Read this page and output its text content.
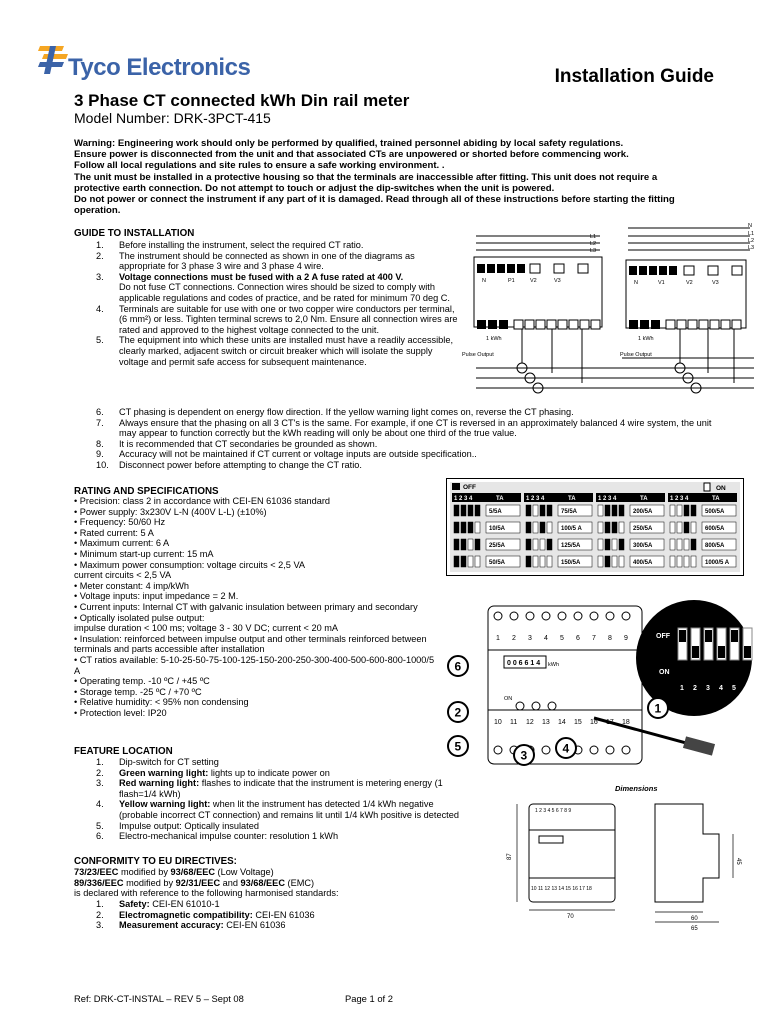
Tyco Electronics	Installation Guide
3 Phase CT connected kWh Din rail meter
Model Number: DRK-3PCT-415
Warning: Engineering work should only be performed by qualified, trained personnel abiding by local safety regulations.
Ensure power is disconnected from the unit and that associated CTs are unpowered or shorted before commencing work.
Follow all local regulations and site rules to ensure a safe working environment. .
The unit must be installed in a protective housing so that the terminals are inaccessible after fitting. This unit does not require a protective earth connection. Do not attempt to touch or adjust the dip-switches when the unit is powered.
Do not power or connect the instrument if any part of it is damaged. Read through all of these instructions before starting the fitting operation.
GUIDE TO INSTALLATION
1. Before installing the instrument, select the required CT ratio.
2. The instrument should be connected as shown in one of the diagrams as appropriate for 3 phase 3 wire and 3 phase 4 wire.
3. Voltage connections must be fused with a 2 A fuse rated at 400 V.
Do not fuse CT connections. Connection wires should be sized to comply with applicable regulations and codes of practice, and be rated for minimum 70 deg C.
4. Terminals are suitable for use with one or two copper wire conductors per terminal, (6 mm²) or less. Tighten terminal screws to 2,0 Nm. Ensure all connection wires are rated and approved to the highest voltage connected to the unit.
5. The equipment into which these units are installed must have a readily accessible, clearly marked, adjacent switch or circuit breaker which will isolate the supply voltage and permit safe access for subsequent maintenance.
6. CT phasing is dependent on energy flow direction. If the yellow warning light comes on, reverse the CT phasing.
7. Always ensure that the phasing on all 3 CT's is the same. For example, if one CT is reversed in an approximately balanced 4 wire system, the unit may appear to function correctly but the kWh reading will only be about one third of the true value.
8. It is recommended that CT secondaries be grounded as shown.
9. Accuracy will not be maintained if CT current or voltage inputs are outside specification..
10. Disconnect power before attempting to change the CT ratio.
L1
L2
L3
N
L1
L2
L3
N	P1	V2	V3	N	V1	V2	V3
Pulse Output	Pulse Output
1 kWh	1 kWh
RATING AND SPECIFICATIONS
• Precision: class 2 in accordance with CEI-EN 61036 standard
• Power supply: 3x230V L-N (400V L-L) (±10%)
• Frequency: 50/60 Hz
• Rated current: 5 A
• Maximum current: 6 A
• Minimum start-up current: 15 mA
• Maximum power consumption: voltage circuits < 2,5 VA
current circuits < 2,5 VA
• Meter constant: 4 imp/kWh
• Voltage inputs: input impedance = 2 M.
• Current inputs: Internal CT with galvanic insulation between primary and secondary
• Optically isolated pulse output:
impulse duration < 100 ms; voltage 3 - 30 V DC; current < 20 mA
• Insulation: reinforced between impulse output and other terminals reinforced between terminals and parts accessible after installation
• CT ratios available: 5-10-25-50-75-100-125-150-200-250-300-400-500-600-800-1000/5 A
• Operating temp. -10 ºC / +45 ºC
• Storage temp. -25 ºC / +70 ºC
• Relative humidity: < 95% non condensing
• Protection level: IP20
FEATURE LOCATION
1. Dip-switch for CT setting
2. Green warning light: lights up to indicate power on
3. Red warning light: flashes to indicate that the instrument is metering energy (1 flash=1/4 kWh)
4. Yellow warning light: when lit the instrument has detected 1/4 kWh negative (probable incorrect CT connection) and remains lit until 1/4 kWh positive is detected
5. Impulse output: Optically insulated
6. Electro-mechanical impulse counter: resolution 1 kWh
CONFORMITY TO EU DIRECTIVES:
73/23/EEC modified by 93/68/EEC (Low Voltage)
89/336/EEC modified by 92/31/EEC and 93/68/EEC (EMC)
is declared with reference to the following harmonised standards:
1. Safety: CEI-EN 61010-1
2. Electromagnetic compatibility: CEI-EN 61036
3. Measurement accuracy: CEI-EN 61036
OFF	ON
1 2 3 4	TA
5/5A
10/5A
25/5A
50/5A
1 2 3 4	TA
75/5A
100/5 A
125/5A
150/5A
1 2 3 4	TA
200/5A
250/5A
300/5A
400/5A
1 2 3 4	TA
500/5A
600/5A
800/5A
1000/5 A
1 2 3 4 5 6 7 8 9
0 0 6 6 1 4 kWh
ON
10 11 12 13 14 15 16	18
OFF
ON
1 2 3 4 5 6
1
2
3	4
5
6
Dimensions
1 2 3 4 5 6 7 8 9
10 11 12 13 14 15 16 17 18
87
70
45
60
65
Ref: DRK-CT-INSTAL – REV 5 – Sept 08	Page 1 of 2
